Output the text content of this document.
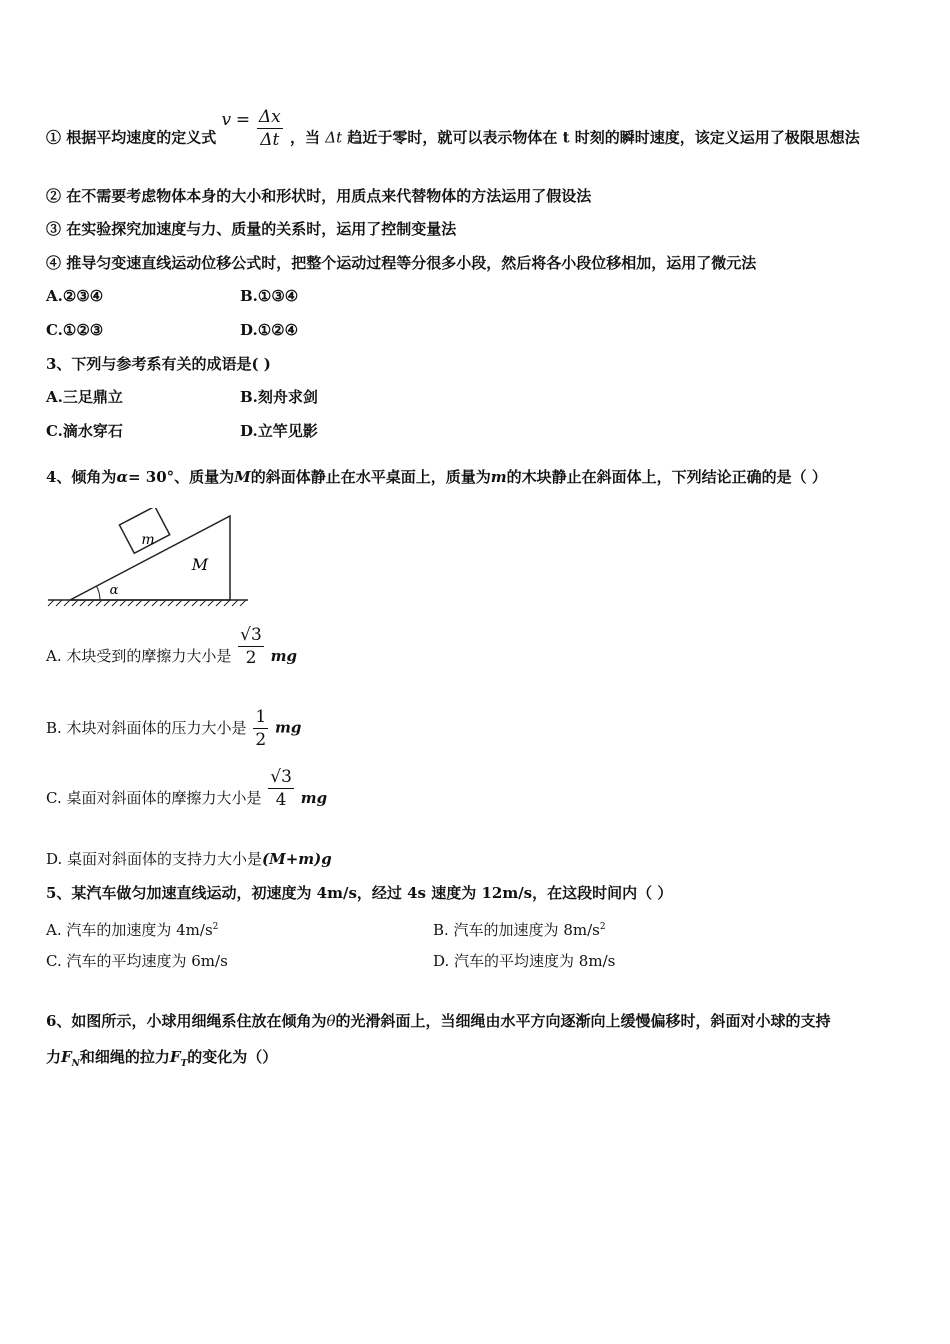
① 根据平均速度的定义式 $v = \frac{\Delta x}{\Delta t}$ ，当 Δt 趋近于零时，就可以表示物体在 t 时刻的瞬时速度，该定义运用了极限思想法
② 在不需要考虑物体本身的大小和形状时，用质点来代替物体的方法运用了假设法
③ 在实验探究加速度与力、质量的关系时，运用了控制变量法
④ 推导匀变速直线运动位移公式时，把整个运动过程等分很多小段，然后将各小段位移相加，运用了微元法
A.②③④	B.①③④
C.①②③	D.①②④
3、下列与参考系有关的成语是( )
A.三足鼎立	B.刻舟求剑
C.滴水穿石	D.立竿见影
4、倾角为α= 30°、质量为M的斜面体静止在水平桌面上，质量为m的木块静止在斜面体上，下列结论正确的是（ ）
m
M
α
A. 木块受到的摩擦力大小是 $\frac{√3}{2}$ mg
B. 木块对斜面体的压力大小是 $\frac{1}{2}$ mg
C. 桌面对斜面体的摩擦力大小是 $\frac{√3}{4}$ mg
D. 桌面对斜面体的支持力大小是(M+m)g
5、某汽车做匀加速直线运动，初速度为 4m/s，经过 4s 速度为 12m/s，在这段时间内（ ）
A. 汽车的加速度为 $4m/s^2$	B. 汽车的加速度为 $8m/s^2$
C. 汽车的平均速度为 6m/s	D. 汽车的平均速度为 8m/s
6、如图所示，小球用细绳系住放在倾角为θ的光滑斜面上，当细绳由水平方向逐渐向上缓慢偏移时，斜面对小球的支持
力$F_N$和细绳的拉力$F_T$的变化为（）
